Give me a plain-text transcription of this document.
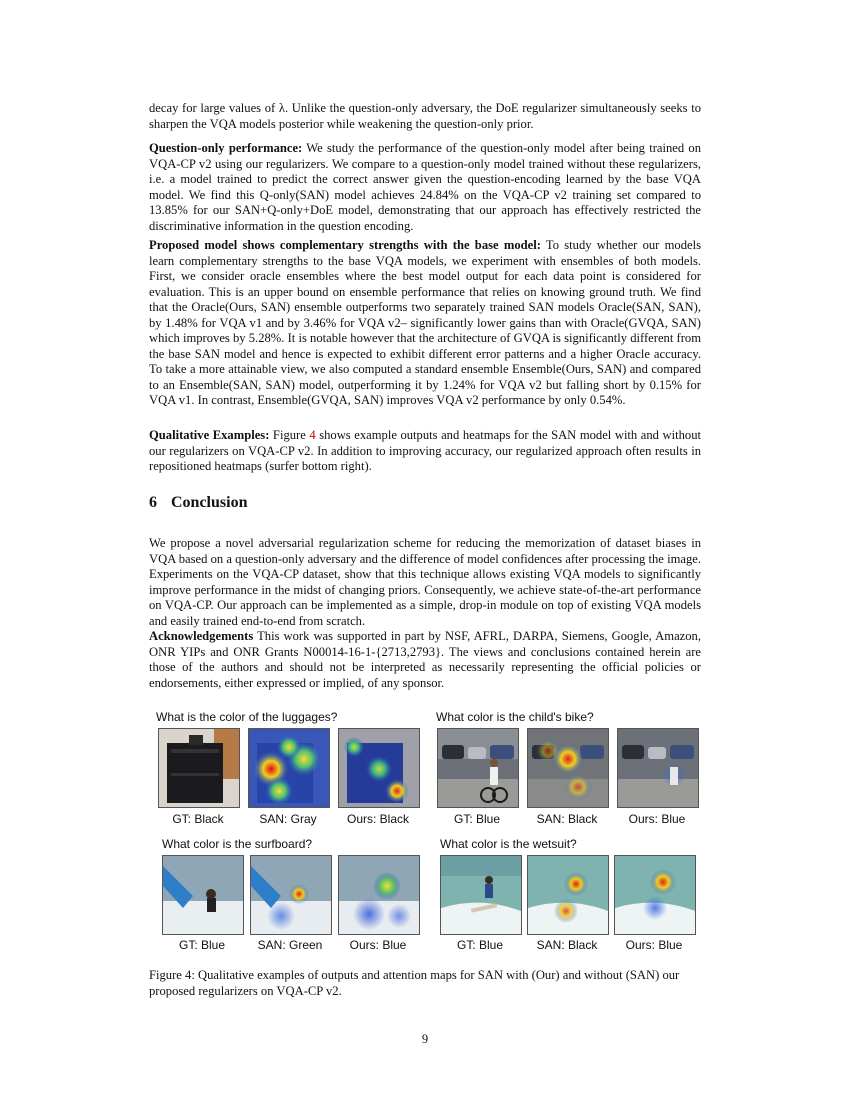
decay for large values of λ. Unlike the question-only adversary, the DoE regularizer simultaneously seeks to sharpen the VQA models posterior while weakening the question-only prior.

Question-only performance: We study the performance of the question-only model after being trained on VQA-CP v2 using our regularizers. We compare to a question-only model trained without these regularizers, i.e. a model trained to predict the correct answer given the question-encoding learned by the base VQA model. We find this Q-only(SAN) model achieves 24.84% on the VQA-CP v2 training set compared to 13.85% for our SAN+Q-only+DoE model, demonstrating that our approach has effectively restricted the discriminative information in the question encoding.

Proposed model shows complementary strengths with the base model: To study whether our models learn complementary strengths to the base VQA models, we experiment with ensembles of both models. First, we consider oracle ensembles where the best model output for each data point is considered for evaluation. This is an upper bound on ensemble performance that relies on knowing ground truth. We find that the Oracle(Ours, SAN) ensemble outperforms two separately trained SAN models Oracle(SAN, SAN), by 1.48% for VQA v1 and by 3.46% for VQA v2– significantly lower gains than with Oracle(GVQA, SAN) which improves by 5.28%. It is notable however that the architecture of GVQA is significantly different from the base SAN model and hence is expected to exhibit different error patterns and a higher Oracle accuracy. To take a more attainable view, we also computed a standard ensemble Ensemble(Ours, SAN) and compared to an Ensemble(SAN, SAN) model, outperforming it by 1.24% for VQA v2 but falling short by 0.15% for VQA v1. In contrast, Ensemble(GVQA, SAN) improves VQA v2 performance by only 0.54%.

Qualitative Examples: Figure 4 shows example outputs and heatmaps for the SAN model with and without our regularizers on VQA-CP v2. In addition to improving accuracy, our regularized approach often results in repositioned heatmaps (surfer bottom right).

6 Conclusion

We propose a novel adversarial regularization scheme for reducing the memorization of dataset biases in VQA based on a question-only adversary and the difference of model confidences after processing the image. Experiments on the VQA-CP dataset, show that this technique allows existing VQA models to significantly improve performance in the midst of changing priors. Consequently, we achieve state-of-the-art performance on VQA-CP. Our approach can be implemented as a simple, drop-in module on top of existing VQA models and easily trained end-to-end from scratch.

Acknowledgements This work was supported in part by NSF, AFRL, DARPA, Siemens, Google, Amazon, ONR YIPs and ONR Grants N00014-16-1-{2713,2793}. The views and conclusions contained herein are those of the authors and should not be interpreted as necessarily representing the official policies or endorsements, either expressed or implied, of any sponsor.

What is the color of the luggages?	What color is the child's bike?
What color is the surfboard?	What color is the wetsuit?
GT: Black	SAN: Gray	Ours: Black	GT: Blue	SAN: Black	Ours: Blue
GT: Blue	SAN: Green	Ours: Blue	GT: Blue	SAN: Black	Ours: Blue
Figure 4: Qualitative examples of outputs and attention maps for SAN with (Our) and without (SAN) our proposed regularizers on VQA-CP v2.
9
